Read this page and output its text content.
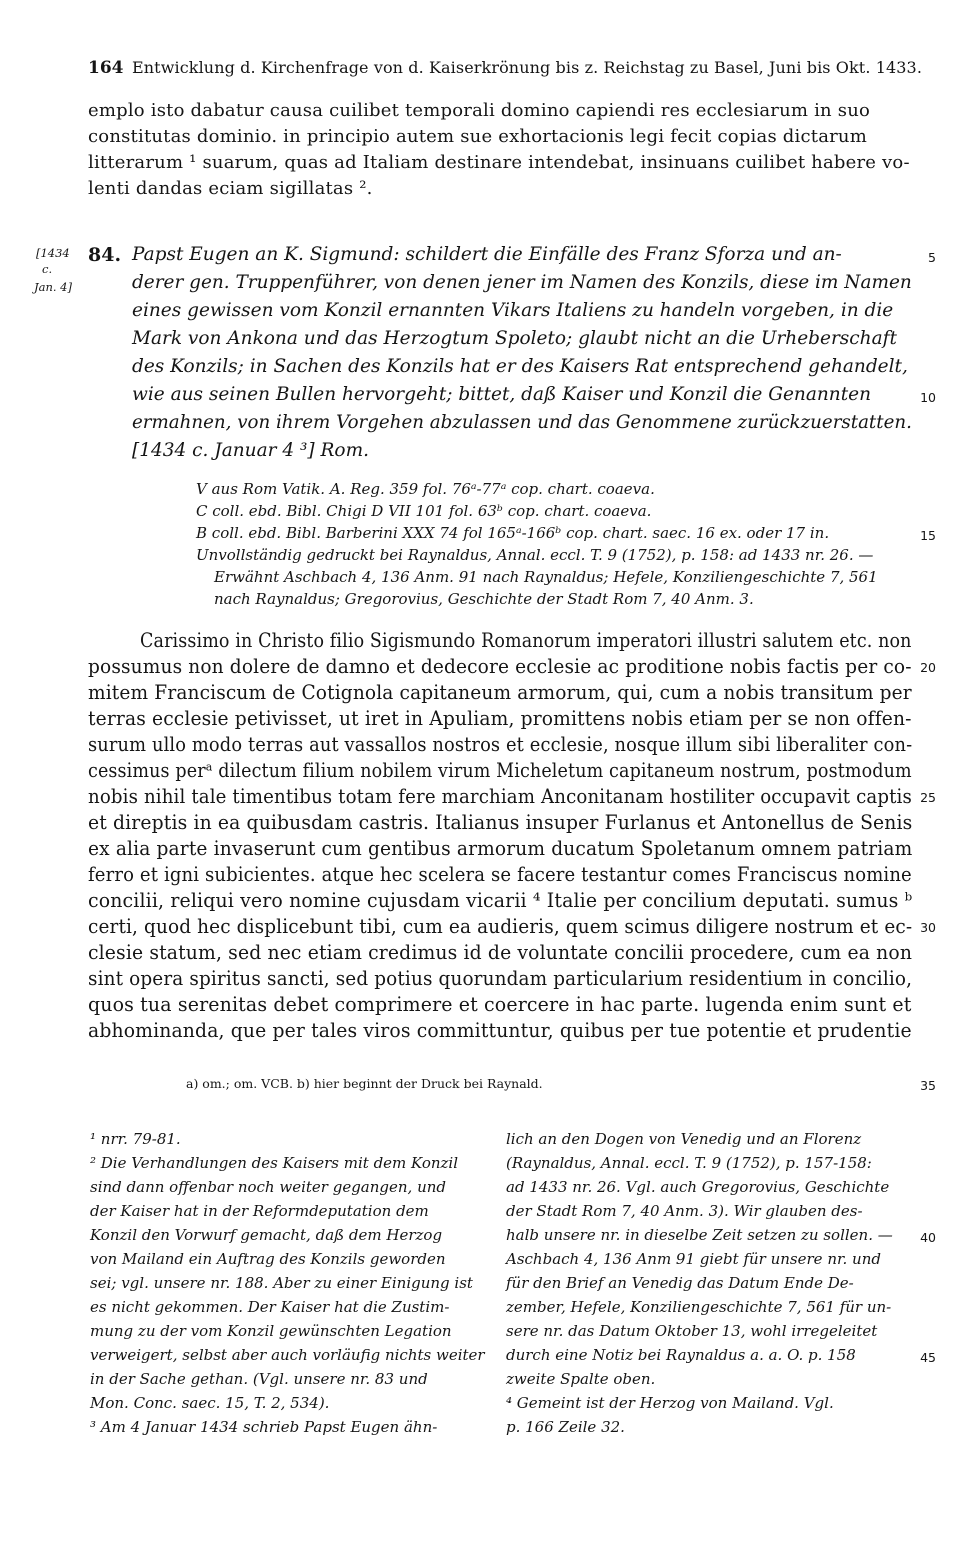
164 Entwicklung d. Kirchenfrage von d. Kaiserkrönung bis z. Reichstag zu Basel, Juni bis Okt. 1433.
emplo isto dabatur causa cuilibet temporali domino capiendi res ecclesiarum in suo
constitutas dominio. in principio autem sue exhortacionis legi fecit copias dictarum
litterarum ¹ suarum, quas ad Italiam destinare intendebat, insinuans cuilibet habere vo-
lenti dandas eciam sigillatas ².
[1434
c.
Jan. 4]
84. Papst Eugen an K. Sigmund: schildert die Einfälle des Franz Sforza und an-
derer gen. Truppenführer, von denen jener im Namen des Konzils, diese im Namen
eines gewissen vom Konzil ernannten Vikars Italiens zu handeln vorgeben, in die
Mark von Ankona und das Herzogtum Spoleto; glaubt nicht an die Urheberschaft
des Konzils; in Sachen des Konzils hat er des Kaisers Rat entsprechend gehandelt,
wie aus seinen Bullen hervorgeht; bittet, daß Kaiser und Konzil die Genannten
ermahnen, von ihrem Vorgehen abzulassen und das Genommene zurückzuerstatten.
[1434 c. Januar 4 ³] Rom.
V aus Rom Vatik. A. Reg. 359 fol. 76ᵃ-77ᵃ cop. chart. coaeva.
C coll. ebd. Bibl. Chigi D VII 101 fol. 63ᵇ cop. chart. coaeva.
B coll. ebd. Bibl. Barberini XXX 74 fol 165ᵃ-166ᵇ cop. chart. saec. 16 ex. oder 17 in.
Unvollständig gedruckt bei Raynaldus, Annal. eccl. T. 9 (1752), p. 158: ad 1433 nr. 26. —
Erwähnt Aschbach 4, 136 Anm. 91 nach Raynaldus; Hefele, Konziliengeschichte 7, 561
nach Raynaldus; Gregorovius, Geschichte der Stadt Rom 7, 40 Anm. 3.
Carissimo in Christo filio Sigismundo Romanorum imperatori illustri salutem etc. non
possumus non dolere de damno et dedecore ecclesie ac proditione nobis factis per co-
mitem Franciscum de Cotignola capitaneum armorum, qui, cum a nobis transitum per
terras ecclesie petivisset, ut iret in Apuliam, promittens nobis etiam per se non offen-
surum ullo modo terras aut vassallos nostros et ecclesie, nosque illum sibi liberaliter con-
cessimus perᵃ dilectum filium nobilem virum Micheletum capitaneum nostrum, postmodum
nobis nihil tale timentibus totam fere marchiam Anconitanam hostiliter occupavit captis
et direptis in ea quibusdam castris. Italianus insuper Furlanus et Antonellus de Senis
ex alia parte invaserunt cum gentibus armorum ducatum Spoletanum omnem patriam
ferro et igni subicientes. atque hec scelera se facere testantur comes Franciscus nomine
concilii, reliqui vero nomine cujusdam vicarii ⁴ Italie per concilium deputati. sumus ᵇ
certi, quod hec displicebunt tibi, cum ea audieris, quem scimus diligere nostrum et ec-
clesie statum, sed nec etiam credimus id de voluntate concilii procedere, cum ea non
sint opera spiritus sancti, sed potius quorundam particularium residentium in concilio,
quos tua serenitas debet comprimere et coercere in hac parte. lugenda enim sunt et
abhominanda, que per tales viros committuntur, quibus per tue potentie et prudentie
a) om.; om. VCB. b) hier beginnt der Druck bei Raynald.
¹ nrr. 79-81.
² Die Verhandlungen des Kaisers mit dem Konzil
sind dann offenbar noch weiter gegangen, und
der Kaiser hat in der Reformdeputation dem
Konzil den Vorwurf gemacht, daß dem Herzog
von Mailand ein Auftrag des Konzils geworden
sei; vgl. unsere nr. 188. Aber zu einer Einigung ist
es nicht gekommen. Der Kaiser hat die Zustim-
mung zu der vom Konzil gewünschten Legation
verweigert, selbst aber auch vorläufig nichts weiter
in der Sache gethan. (Vgl. unsere nr. 83 und
Mon. Conc. saec. 15, T. 2, 534).
³ Am 4 Januar 1434 schrieb Papst Eugen ähn-
lich an den Dogen von Venedig und an Florenz
(Raynaldus, Annal. eccl. T. 9 (1752), p. 157-158:
ad 1433 nr. 26. Vgl. auch Gregorovius, Geschichte
der Stadt Rom 7, 40 Anm. 3). Wir glauben des-
halb unsere nr. in dieselbe Zeit setzen zu sollen. —
Aschbach 4, 136 Anm 91 giebt für unsere nr. und
für den Brief an Venedig das Datum Ende De-
zember, Hefele, Konziliengeschichte 7, 561 für un-
sere nr. das Datum Oktober 13, wohl irregeleitet
durch eine Notiz bei Raynaldus a. a. O. p. 158
zweite Spalte oben.
⁴ Gemeint ist der Herzog von Mailand. Vgl.
p. 166 Zeile 32.
5
10
15
20
25
30
35
40
45
